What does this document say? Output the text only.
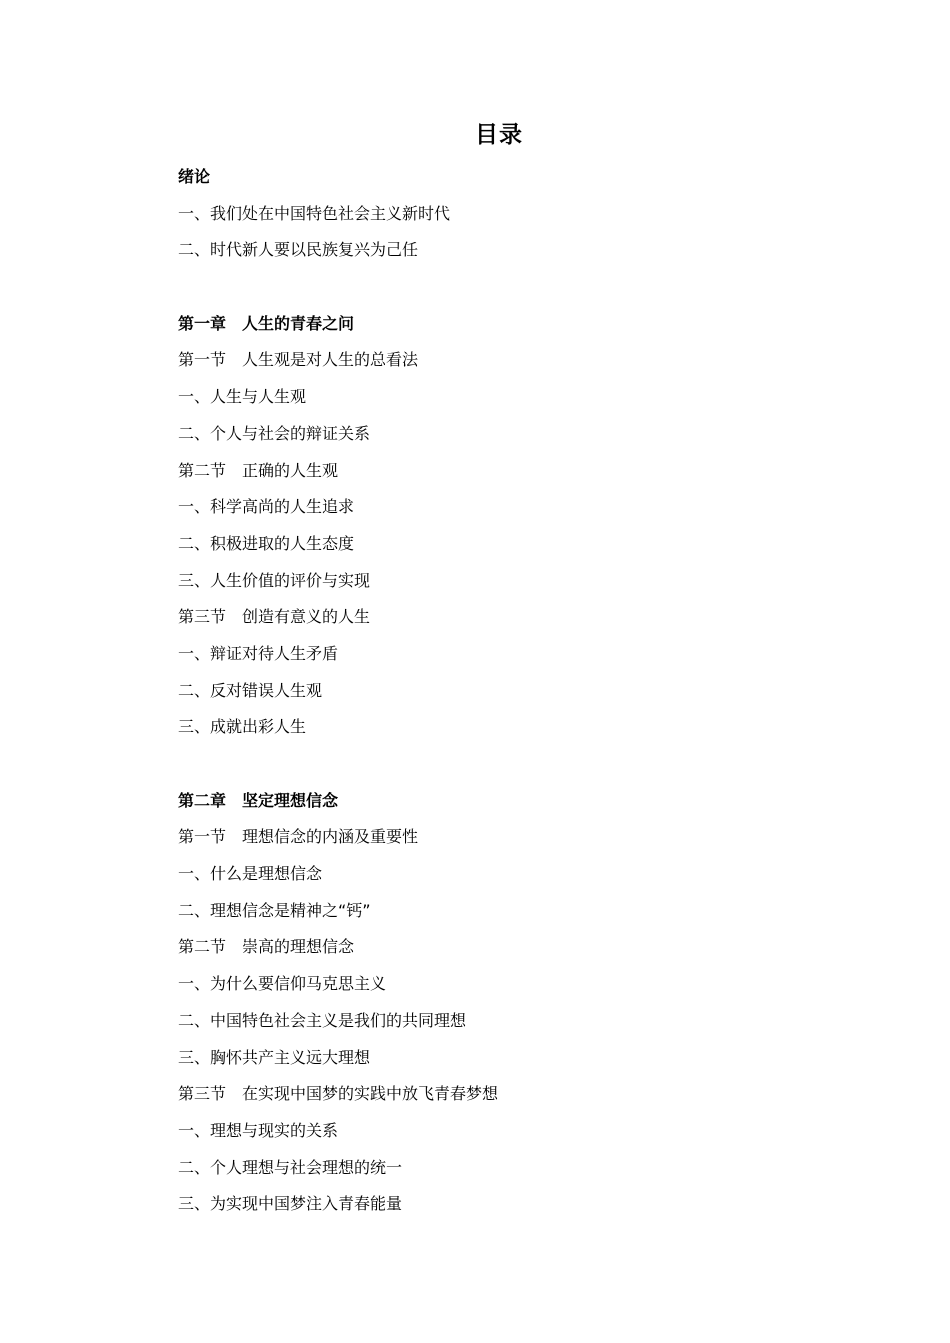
目录
绪论
一、我们处在中国特色社会主义新时代
二、时代新人要以民族复兴为己任
第一章　人生的青春之问
第一节　人生观是对人生的总看法
一、人生与人生观
二、个人与社会的辩证关系
第二节　正确的人生观
一、科学高尚的人生追求
二、积极进取的人生态度
三、人生价值的评价与实现
第三节　创造有意义的人生
一、辩证对待人生矛盾
二、反对错误人生观
三、成就出彩人生
第二章　坚定理想信念
第一节　理想信念的内涵及重要性
一、什么是理想信念
二、理想信念是精神之“钙”
第二节　崇高的理想信念
一、为什么要信仰马克思主义
二、中国特色社会主义是我们的共同理想
三、胸怀共产主义远大理想
第三节　在实现中国梦的实践中放飞青春梦想
一、理想与现实的关系
二、个人理想与社会理想的统一
三、为实现中国梦注入青春能量
